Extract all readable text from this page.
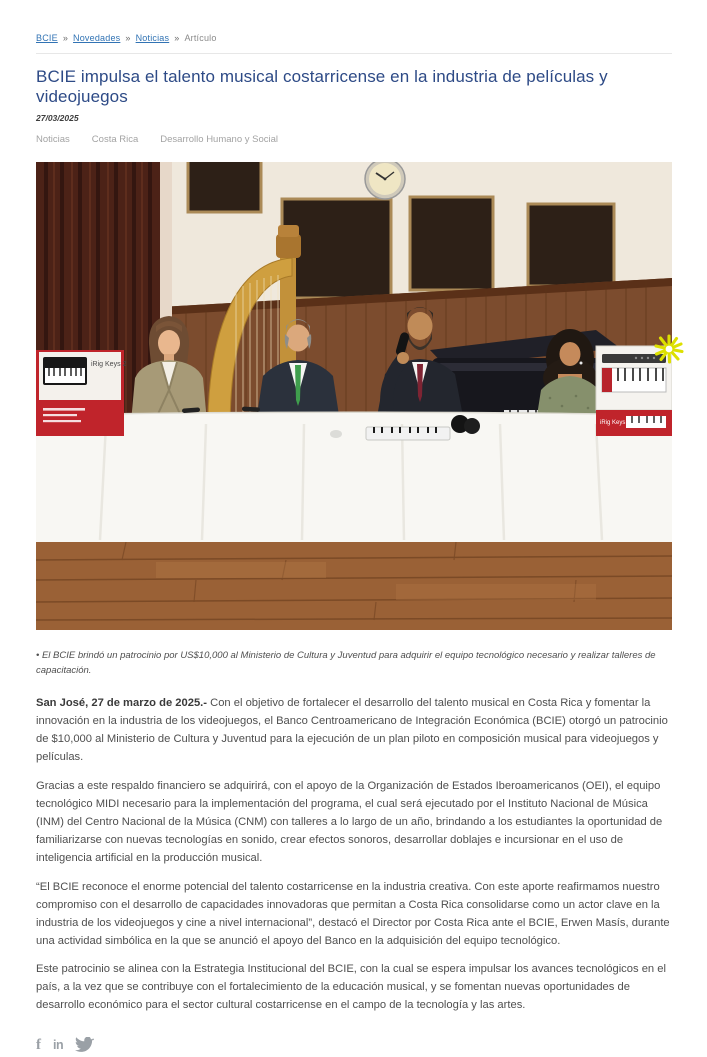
BCIE » Novedades » Noticias » Artículo
BCIE impulsa el talento musical costarricense en la industria de películas y videojuegos
27/03/2025
Noticias Costa Rica Desarrollo Humano y Social
iRig Keys 2
iRig Keys 2

• El BCIE brindó un patrocinio por US$10,000 al Ministerio de Cultura y Juventud para adquirir el equipo tecnológico necesario y realizar talleres de capacitación.

San José, 27 de marzo de 2025.- Con el objetivo de fortalecer el desarrollo del talento musical en Costa Rica y fomentar la innovación en la industria de los videojuegos, el Banco Centroamericano de Integración Económica (BCIE) otorgó un patrocinio de $10,000 al Ministerio de Cultura y Juventud para la ejecución de un plan piloto en composición musical para videojuegos y películas.

Gracias a este respaldo financiero se adquirirá, con el apoyo de la Organización de Estados Iberoamericanos (OEI), el equipo tecnológico MIDI necesario para la implementación del programa, el cual será ejecutado por el Instituto Nacional de Música (INM) del Centro Nacional de la Música (CNM) con talleres a lo largo de un año, brindando a los estudiantes la oportunidad de familiarizarse con nuevas tecnologías en sonido, crear efectos sonoros, desarrollar doblajes e incursionar en el uso de inteligencia artificial en la producción musical.

“El BCIE reconoce el enorme potencial del talento costarricense en la industria creativa. Con este aporte reafirmamos nuestro compromiso con el desarrollo de capacidades innovadoras que permitan a Costa Rica consolidarse como un actor clave en la industria de los videojuegos y cine a nivel internacional”, destacó el Director por Costa Rica ante el BCIE, Erwen Masís, durante una actividad simbólica en la que se anunció el apoyo del Banco en la adquisición del equipo tecnológico.

Este patrocinio se alinea con la Estrategia Institucional del BCIE, con la cual se espera impulsar los avances tecnológicos en el país, a la vez que se contribuye con el fortalecimiento de la educación musical, y se fomentan nuevas oportunidades de desarrollo económico para el sector cultural costarricense en el campo de la tecnología y las artes.

f in
